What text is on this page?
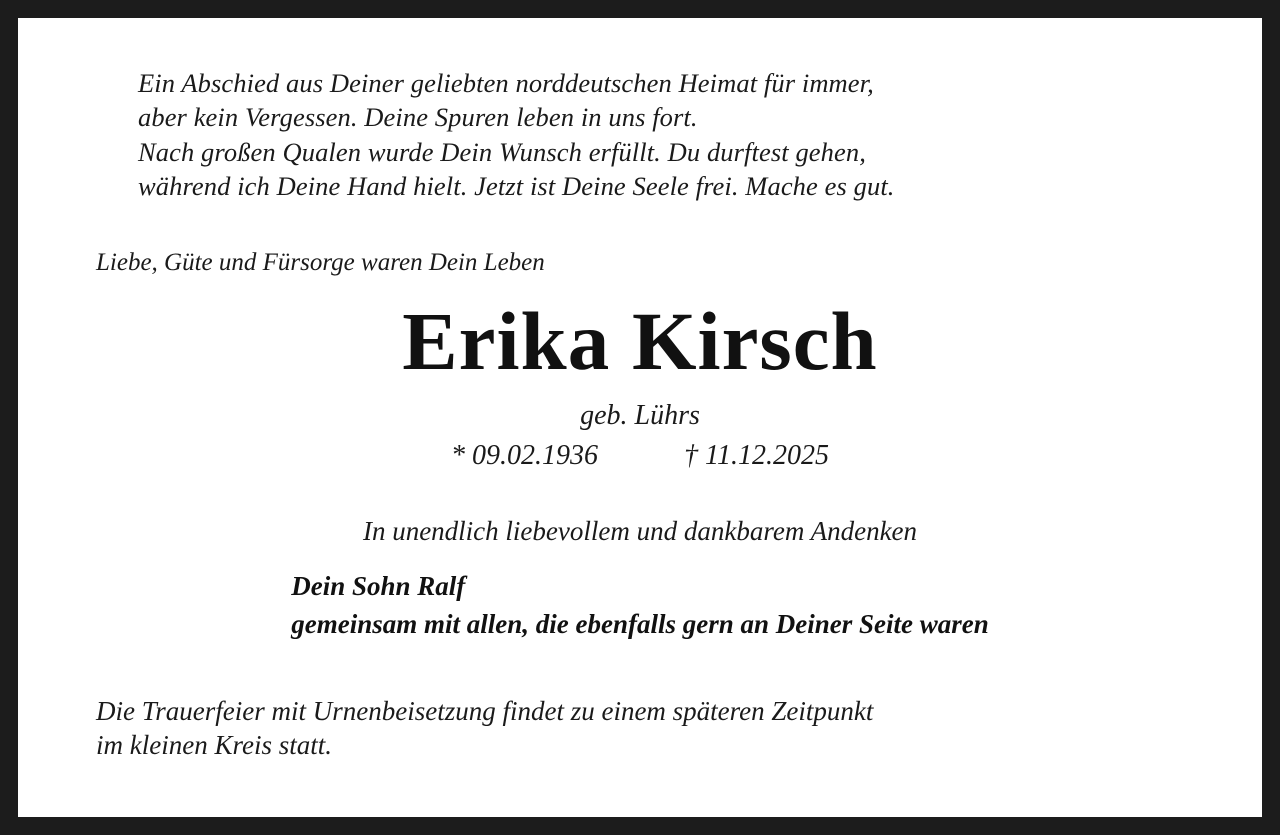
Ein Abschied aus Deiner geliebten norddeutschen Heimat für immer,
aber kein Vergessen. Deine Spuren leben in uns fort.
Nach großen Qualen wurde Dein Wunsch erfüllt. Du durftest gehen,
während ich Deine Hand hielt. Jetzt ist Deine Seele frei. Mache es gut.
Liebe, Güte und Fürsorge waren Dein Leben
Erika Kirsch
geb. Lührs
* 09.02.1936	† 11.12.2025
In unendlich liebevollem und dankbarem Andenken
Dein Sohn Ralf
gemeinsam mit allen, die ebenfalls gern an Deiner Seite waren
Die Trauerfeier mit Urnenbeisetzung findet zu einem späteren Zeitpunkt
im kleinen Kreis statt.
